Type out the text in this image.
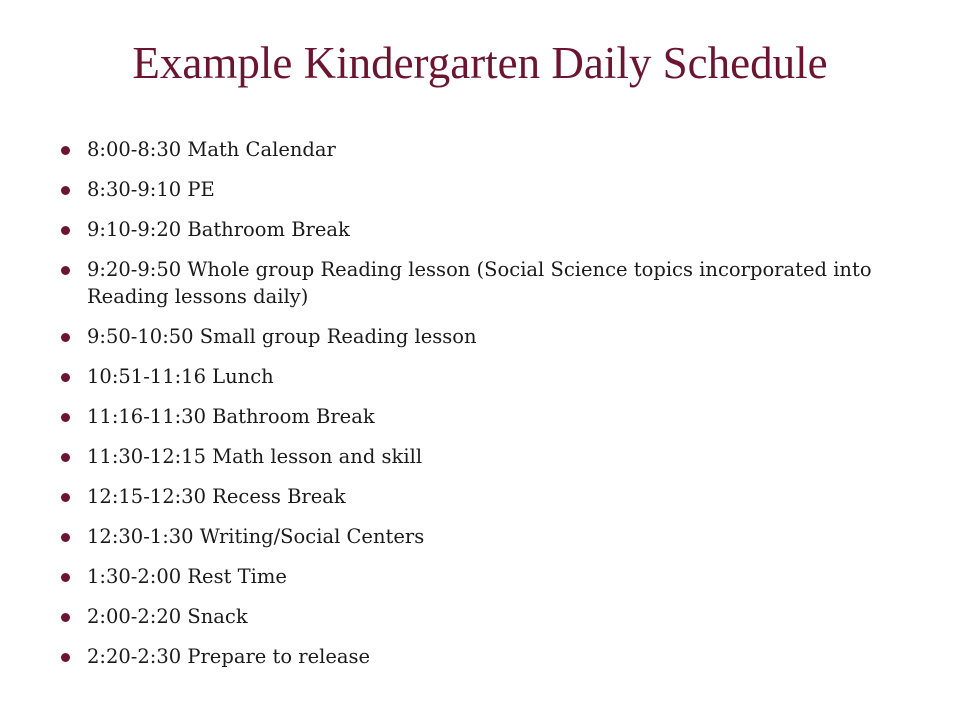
Example Kindergarten Daily Schedule
8:00-8:30 Math Calendar
8:30-9:10 PE
9:10-9:20 Bathroom Break
9:20-9:50 Whole group Reading lesson (Social Science topics incorporated into Reading lessons daily)
9:50-10:50 Small group Reading lesson
10:51-11:16 Lunch
11:16-11:30 Bathroom Break
11:30-12:15 Math lesson and skill
12:15-12:30 Recess Break
12:30-1:30 Writing/Social Centers
1:30-2:00 Rest Time
2:00-2:20 Snack
2:20-2:30 Prepare to release
